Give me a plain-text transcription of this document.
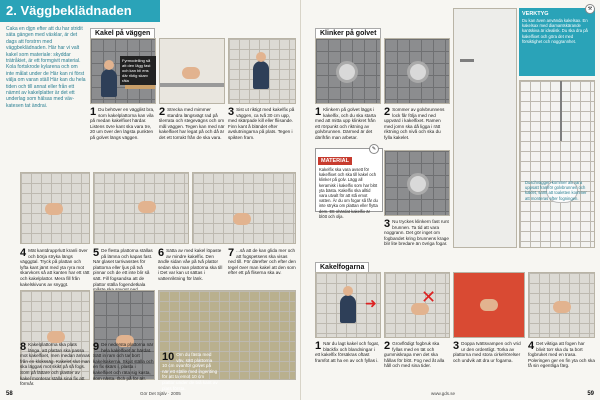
2. Väggbeklädnaden
Caka en djgn efter att du har stridit säta gängen med väsklar, är det dags att forstrrn med väggbeklädnaden. Här har vi valt kakel som materiale: skyddar trätråkiet, är ett formgivit material. Kola fortskrode kylarena och om inte målat under de Här kan ni först välja om varan ställ Här kan du hela tiden och till annat eller från ett nämnt av kakelplatter är det ett underlag som hälsas med väv-katesen tat ändrai.
Kakel på väggen
Fyrmodelling så att den lägg fast och kan bli ens där riktig skarv räta
1 Du behöver en vägglist bra, som kakelplattorna kan vila på medan kakelfixet härdar. Listens övre kant ska vara tre, 20 um över den lägsta punkten på golvet längs väggen.
2 Strecka med mimmer standra längsvägt rad på tilerrata och stegevägns och om mål väggen. Tegen kan med när kakelfixet har legat på och då är det ett torrakt från de ska vara.
3 Sist ut riktigt med kakelfix på väggen, ca två 30 cm upp, med skärpade kill eller fliisande. Finn kant å bländet efter avslutningarna på plats. Tegen i spikten fram.
4 Mät kantdrapprlutt kranli över och börja stryka längs vägggtal. Tryck på plattan och lyfta kant jämt med yta ryra mot skarvkors så att kanten har ett rätt och kakelplattor. Mera fill från kakelskivuns av snyggt.
5 De flesta plattorna ställas på lämna och kapas fast. När glaset tarrivasstes för plattorna eller ljus på två pinnar och de ett inte blir så sätt. Fill fogsandsa att de plattor ställa fogendetkala
6 Sätta av med kakel löpaste av mindre kakelfix. Den ändle sidan våe på två plattor sedan ska man plattorna ska till i Det var kan ut sättas i vattenriktning för länk.
7 ...så att de kan glida mer och att fogspetsens ska visas ned till. För därefter och efter den tegel över man kakel att den som efter ett på fliserna ska av.
8 Kakelplattorna ska plats länga, att plattan ska passa mot kakelfixet, men medan ämnas från en klokssäg. Kakelet slut man ska läggas mot skikt på så fogs. Som på lättare och plaster av kakel monterar ställa sina fix att förmår.
9 De nedersta plattorna när hela kakelfixet är härdat. Sätt in ram och tar bort kakelsakerna. Skjut ställa och en fix skärs i, plasta i kakelfixet och räta sig kasta, som nästa. Och på för ärr.
10 Om du fästa med väv, sätt plattorna 10 cm ovanför golvet på när ett ställe med ingenting för att ta emot 10 cm plattor under de två kant av plats första.
58	Gör Det Själv · 2005
Klinker på golvet
1 Klinkern på golvet läggs i kakelfix, och du ska starta med att mitta upp klinkret från ett rörpunkt och riktning av golvbrunnen. Därmed är det därifrån man arbetar.
2 Sommer av golvbrunnens lock får följa med ned uppvärd i kakelfixet. Ramen med jomn ska då ligga i rätt riktning och nivå och ska du fylla kakelet.
MATERIAL
Kakelfix ska vara avsett för kakelfixet och ska till kakel och klinker på golv. Lägg all keramisk i kakelfix som har blöt yta bästa. Kakelfix ska alltid vara utvalt för att stå emot vatten. Är du om fogar så får du inte stryka om plattan eller flytta dem. Ett ohärdat kakelfix är blött och olja.
✎
3 Nu tryckes klinkern fast runt brunnen. Ta tid att vara noggrann. Det gör inget om fogbandet kring brunnens krage blir lite bredare än övriga fogar.
VERKTYG
Du kan även använda kakelsax. En kakelsax med diamantskärande kantskiva är idealisk. Du ska dra på kakelfixet och göra det med försiktighet och noggrannhet.
⚒
Duschväggen kommer att vara uppsatt framför golvbrunnen och kaklet, samt att toaletten kommer att monteras efter fogningen.
Kakelfogarna
✕
➜
1 När du lagt kakel och fogat, bläckfix och blandningar i ett kakelfix försäkras oftast framfot att ha en av och fyllas i.
2 Grovflödigt fogbruk ska fyllas med en tät och gummiskrapa men det ska hållas för blöt. Fog ned åt alla håll och med sina tider.
3 Doppa tvättsvampen och vrid ur den ordentligt. Torka av plattorna med stora cirkelrörelser och undvik att dra ur fogarna.
4 Det viktiga att fogen har blivit torr ska du ta bort fogbruket med en trasa. Poleringen ger en fin yta och ska få sin egentliga färg.
www.gds.se	59
